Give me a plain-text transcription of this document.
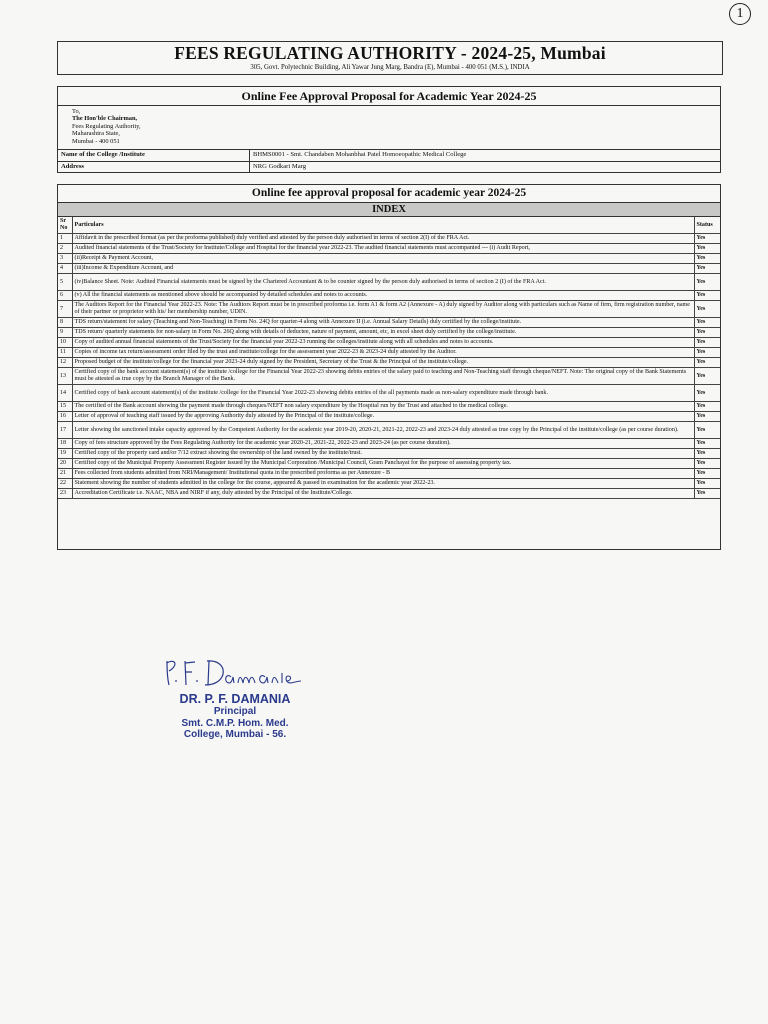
1
FEES REGULATING AUTHORITY - 2024-25, Mumbai
305, Govt. Polytechnic Building, Ali Yawar Jung Marg, Bandra (E), Mumbai - 400 051 (M.S.), INDIA
Online Fee Approval Proposal for Academic Year 2024-25
To,
The Hon'ble Chairman,
Fees Regulating Authority,
Maharashtra State,
Mumbai - 400 051
Name of the College /Institute	BHMS0001 - Smt. Chandaben Mohanbhai Patel Homoeopathic Medical College
Address	NRG Godkari Marg
Online fee approval proposal for academic year 2024-25
INDEX
Sr No	Particulars	Status
1	Affidavit in the prescribed format (as per the proforma published) duly verified and attested by the person duly authorised in terms of section 2(I) of the FRA Act.	Yes
2	Audited financial statements of the Trust/Society for Institute/College and Hospital for the financial year 2022-23. The audited financial statements must accompanied --- (i) Audit Report,	Yes
3	(ii)Receipt & Payment Account,	Yes
4	(iii)Income & Expenditure Account, and	Yes
5	(iv)Balance Sheet. Note: Audited Financial statements must be signed by the Chartered Accountant & to be counter signed by the person duly authorised in terms of section 2 (I) of the FRA Act.	Yes
6	(v) All the financial statements as mentioned above should be accompanied by detailed schedules and notes to accounts.	Yes
7	The Auditors Report for the Financial Year 2022-23. Note: The Auditors Report must be in prescribed proforma i.e. form A1 & form A2 (Annexure - A) duly signed by Auditor along with particulars such as Name of firm, firm registration number, name of their partner or proprietor with his/ her membership number, UDIN.	Yes
8	TDS return/statement for salary (Teaching and Non-Teaching) in Form No. 24Q for quarter-4 along with Annexure II (i.e. Annual Salary Details) duly certified by the college/institute.	Yes
9	TDS return/ quarterly statements for non-salary in Form No. 26Q along with details of deductee, nature of payment, amount, etc, in excel sheet duly certified by the college/institute.	Yes
10	Copy of audited annual financial statements of the Trust/Society for the financial year 2022-23 running the colleges/institute along with all schedules and notes to accounts.	Yes
11	Copies of income tax return/assessment order filed by the trust and institute/college for the assessment year 2022-23 & 2023-24 duly attested by the Auditor.	Yes
12	Proposed budget of the institute/college for the financial year 2023-24 duly signed by the President, Secretary of the Trust & the Principal of the institute/college.	Yes
13	Certified copy of the bank account statement(s) of the institute /college for the Financial Year 2022-23 showing debits entries of the salary paid to teaching and Non-Teaching staff through cheque/NEFT. Note: The original copy of the Bank Statements must be attested as true copy by the Branch Manager of the Bank.	Yes
14	Certified copy of bank account statement(s) of the institute /college for the Financial Year 2022-23 showing debits entries of the all payments made as non-salary expenditure made through bank.	Yes
15	The certified of the Bank account showing the payment made through cheques/NEFT non salary expenditure by the Hospital run by the Trust and attached to the medical college.	Yes
16	Letter of approval of teaching staff issued by the approving Authority duly attested by the Principal of the institute/college.	Yes
17	Letter showing the sanctioned intake capacity approved by the Competent Authority for the academic year 2019-20, 2020-21, 2021-22, 2022-23 and 2023-24 duly attested as true copy by the Principal of the institute/college (as per course duration).	Yes
18	Copy of fees structure approved by the Fees Regulating Authority for the academic year 2020-21, 2021-22, 2022-23 and 2023-24 (as per course duration).	Yes
19	Certified copy of the property card and/or 7/12 extract showing the ownership of the land owned by the institute/trust.	Yes
20	Certified copy of the Municipal Property Assessment Register issued by the Municipal Corporation /Municipal Council, Gram Panchayat for the purpose of assessing property tax.	Yes
21	Fees collected from students admitted from NRI/Management/ Institutional quota in the prescribed proforma as per Annexure - B	Yes
22	Statement showing the number of students admitted in the college for the course, appeared & passed in examination for the academic year 2022-23.	Yes
23	Accreditation Certificate i.e. NAAC, NBA and NIRF if any, duly attested by the Principal of the Institute/College.	Yes
DR. P. F. DAMANIA
Principal
Smt. C.M.P. Hom. Med.
College, Mumbai - 56.
